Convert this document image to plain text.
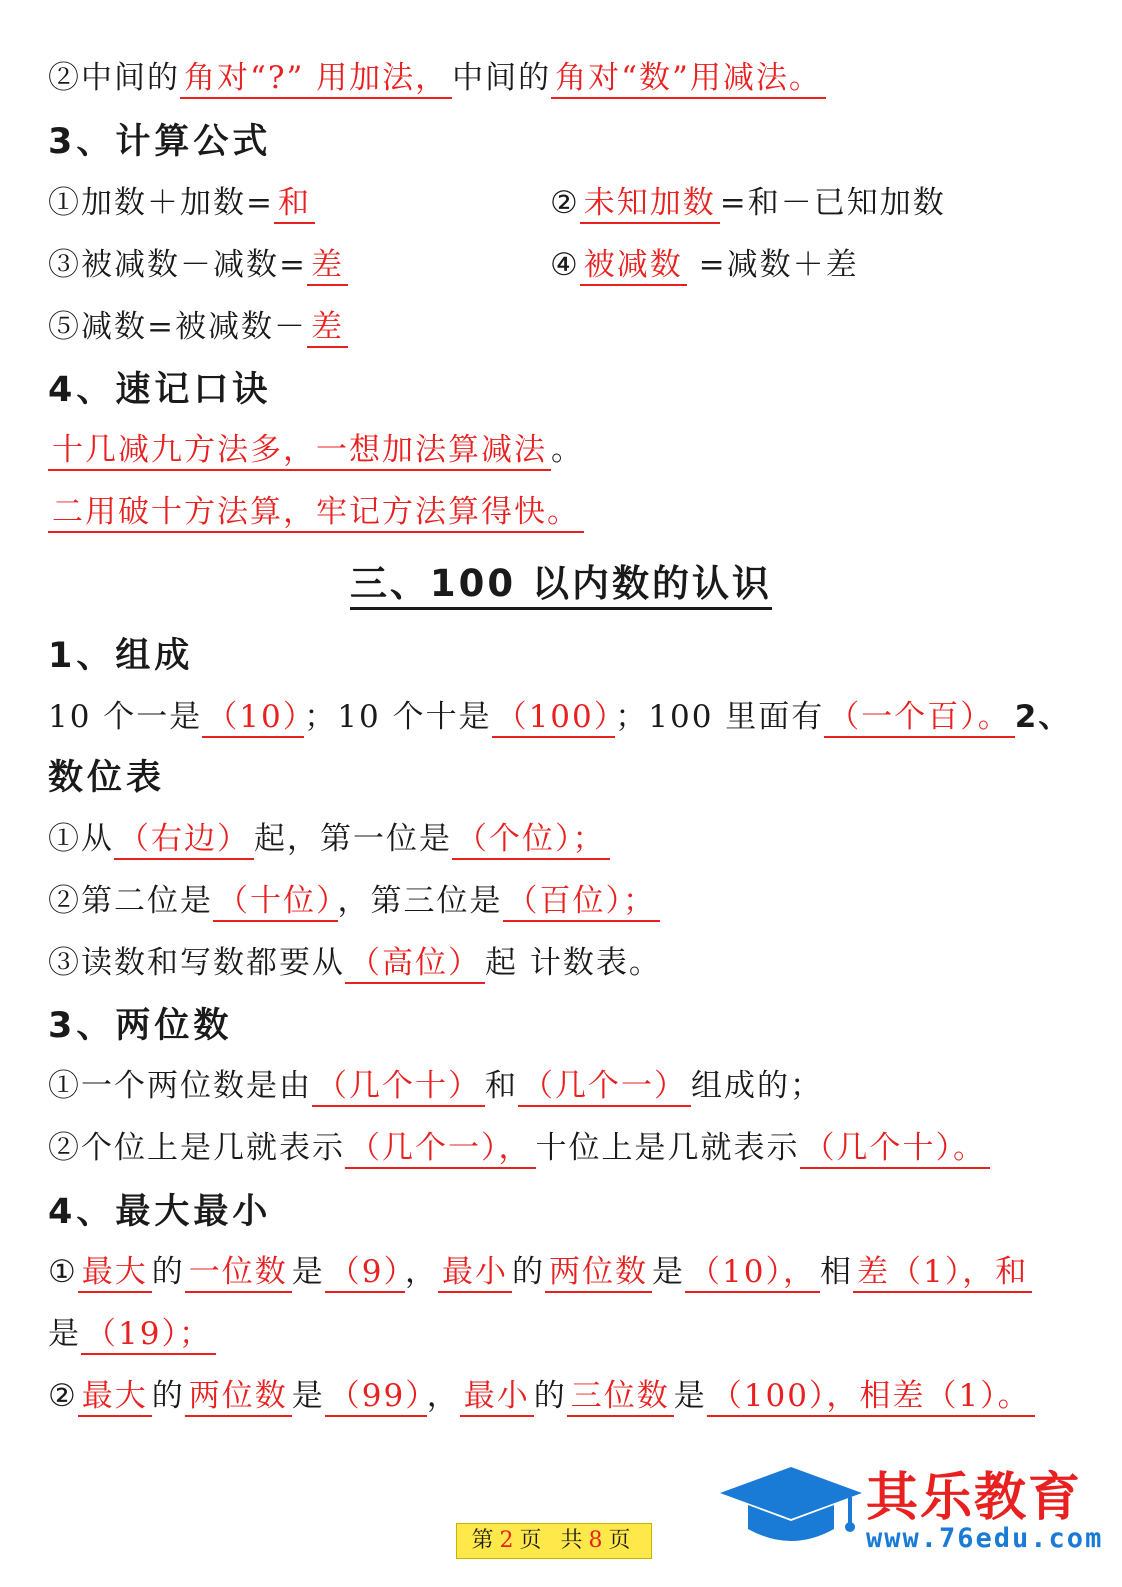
②中间的 角对“?” 用加法， 中间的 角对“数”用减法。
3、计算公式
①加数＋加数= 和	② 未知加数 =和－已知加数
③被减数－减数= 差	④ 被减数 =减数＋差
⑤减数=被减数－ 差
4、速记口诀
十几减九方法多，一想加法算减法 。
二用破十方法算，牢记方法算得快。
三、100 以内数的认识
1、组成
10 个一是 （10） ；10 个十是 （100） ；100 里面有 （一个百）。 2、
数位表
①从 （右边） 起，第一位是 （个位）；
②第二位是 （十位） ，第三位是 （百位）；
③读数和写数都要从 （高位） 起 计数表。
3、两位数
①一个两位数是由 （几个十） 和 （几个一） 组成的；
②个位上是几就表示 （几个一）， 十位上是几就表示 （几个十）。
4、最大最小
① 最大 的 一位数 是 （9） ， 最小 的 两位数 是 （10）， 相 差（1），和
是 （19）；
② 最大 的 两位数 是 （99） ， 最小 的 三位数 是 （100），相差（1）。
其乐教育
www.76edu.com
第2页 共8页
